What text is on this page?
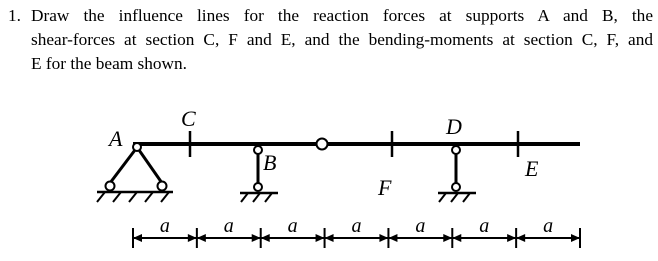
1. Draw the influence lines for the reaction forces at supports A and B, the
shear-forces at section C, F and E, and the bending-moments at section C, F, and
E for the beam shown.
A
C
B
F
D
E
a	a	a	a	a	a	a
